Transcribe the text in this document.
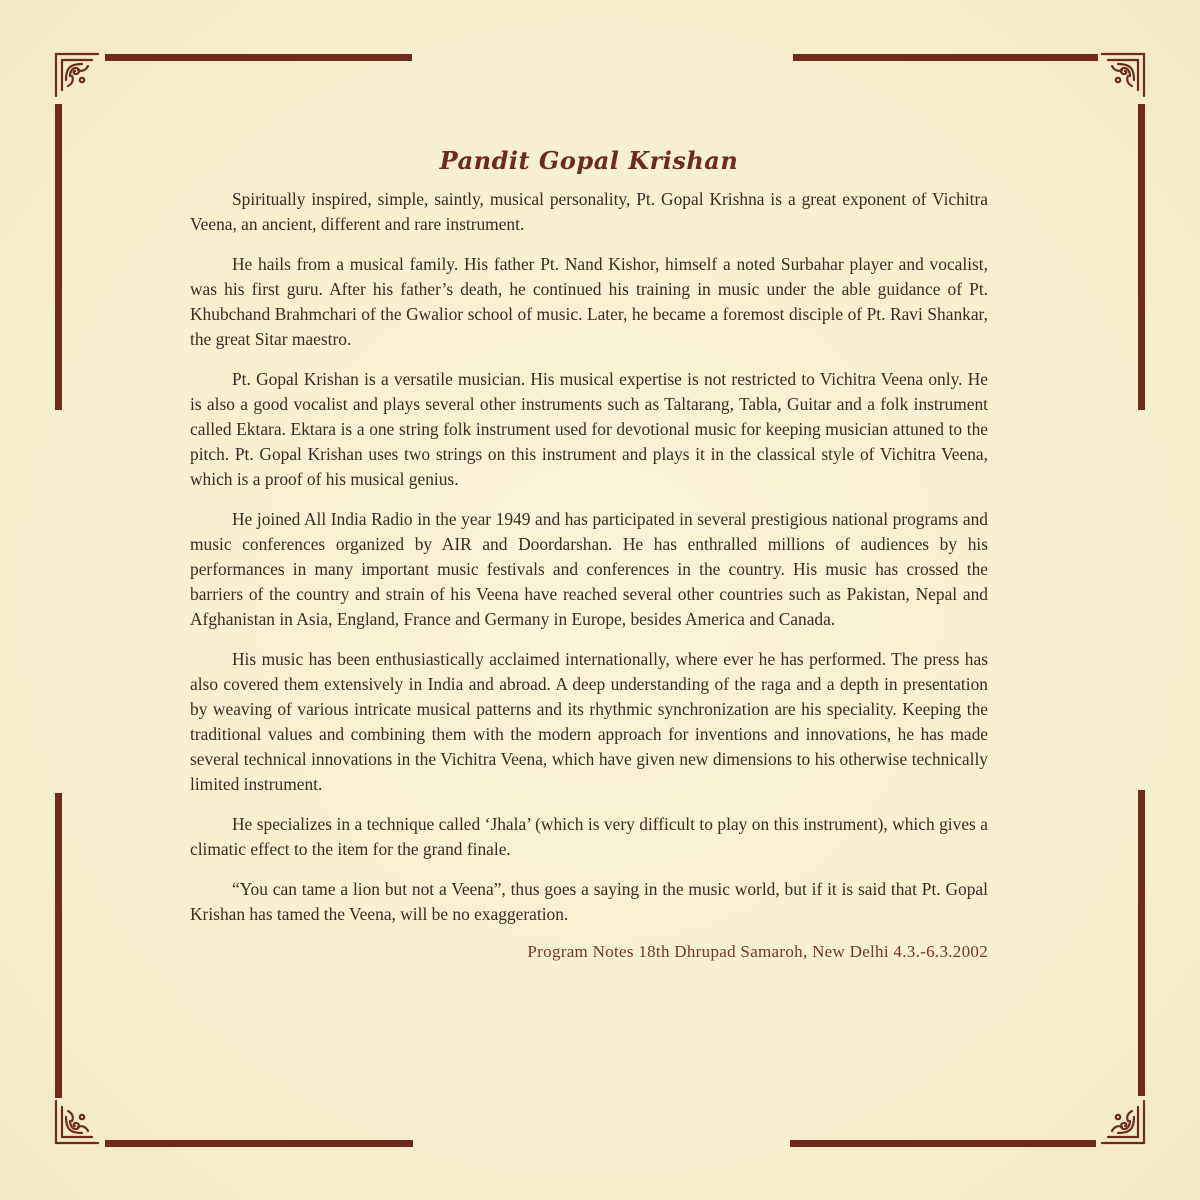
Pandit Gopal Krishan

Spiritually inspired, simple, saintly, musical personality, Pt. Gopal Krishna is a great exponent of Vichitra Veena, an ancient, different and rare instrument.

He hails from a musical family. His father Pt. Nand Kishor, himself a noted Surbahar player and vocalist, was his first guru. After his father’s death, he continued his training in music under the able guidance of Pt. Khubchand Brahmchari of the Gwalior school of music. Later, he became a foremost disciple of Pt. Ravi Shankar, the great Sitar maestro.

Pt. Gopal Krishan is a versatile musician. His musical expertise is not restricted to Vichitra Veena only. He is also a good vocalist and plays several other instruments such as Taltarang, Tabla, Guitar and a folk instrument called Ektara. Ektara is a one string folk instrument used for devotional music for keeping musician attuned to the pitch. Pt. Gopal Krishan uses two strings on this instrument and plays it in the classical style of Vichitra Veena, which is a proof of his musical genius.

He joined All India Radio in the year 1949 and has participated in several prestigious national programs and music conferences organized by AIR and Doordarshan. He has enthralled millions of audiences by his performances in many important music festivals and conferences in the country. His music has crossed the barriers of the country and strain of his Veena have reached several other countries such as Pakistan, Nepal and Afghanistan in Asia, England, France and Germany in Europe, besides America and Canada.

His music has been enthusiastically acclaimed internationally, where ever he has performed. The press has also covered them extensively in India and abroad. A deep understanding of the raga and a depth in presentation by weaving of various intricate musical patterns and its rhythmic synchronization are his speciality. Keeping the traditional values and combining them with the modern approach for inventions and innovations, he has made several technical innovations in the Vichitra Veena, which have given new dimensions to his otherwise technically limited instrument.

He specializes in a technique called ‘Jhala’ (which is very difficult to play on this instrument), which gives a climatic effect to the item for the grand finale.

“You can tame a lion but not a Veena”, thus goes a saying in the music world, but if it is said that Pt. Gopal Krishan has tamed the Veena, will be no exaggeration.

Program Notes 18th Dhrupad Samaroh, New Delhi 4.3.-6.3.2002
